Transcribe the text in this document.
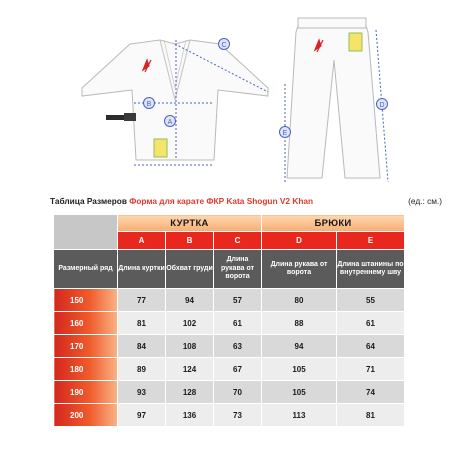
A
B
C
D
E
Таблица Размеров Форма для карате ФКР Kata Shogun V2 Khan	(ед.: см.)
	КУРТКА			БРЮКИ	
	A	B	C	D	E
Размерный ряд	Длина куртки	Обхват груди	Длина рукава от ворота	Длина рукава от ворота	Длина штанины по внутреннему шву
150	77	94	57	80	55
160	81	102	61	88	61
170	84	108	63	94	64
180	89	124	67	105	71
190	93	128	70	105	74
200	97	136	73	113	81
